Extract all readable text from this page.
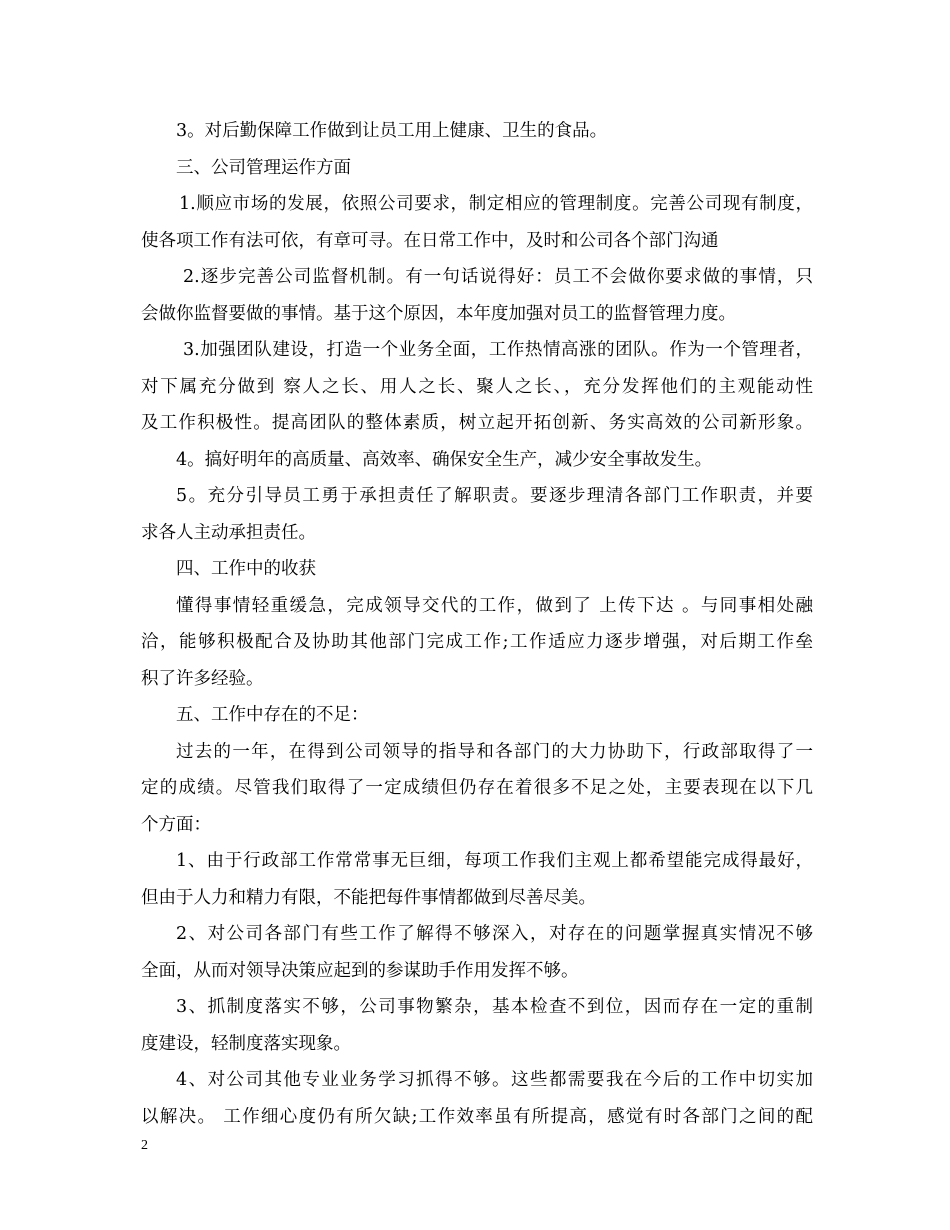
3。对后勤保障工作做到让员工用上健康、卫生的食品。
三、公司管理运作方面
1.顺应市场的发展，依照公司要求，制定相应的管理制度。完善公司现有制度，
使各项工作有法可依，有章可寻。在日常工作中，及时和公司各个部门沟通
2.逐步完善公司监督机制。有一句话说得好：员工不会做你要求做的事情，只
会做你监督要做的事情。基于这个原因，本年度加强对员工的监督管理力度。
3.加强团队建设，打造一个业务全面，工作热情高涨的团队。作为一个管理者，
对下属充分做到 察人之长、用人之长、聚人之长、，充分发挥他们的主观能动性
及工作积极性。提高团队的整体素质，树立起开拓创新、务实高效的公司新形象。
4。搞好明年的高质量、高效率、确保安全生产，减少安全事故发生。
5。充分引导员工勇于承担责任了解职责。要逐步理清各部门工作职责，并要
求各人主动承担责任。
四、工作中的收获
懂得事情轻重缓急，完成领导交代的工作，做到了 上传下达 。与同事相处融
洽，能够积极配合及协助其他部门完成工作;工作适应力逐步增强，对后期工作垒
积了许多经验。
五、工作中存在的不足：
过去的一年，在得到公司领导的指导和各部门的大力协助下，行政部取得了一
定的成绩。尽管我们取得了一定成绩但仍存在着很多不足之处，主要表现在以下几
个方面：
1、由于行政部工作常常事无巨细，每项工作我们主观上都希望能完成得最好，
但由于人力和精力有限，不能把每件事情都做到尽善尽美。
2、对公司各部门有些工作了解得不够深入，对存在的问题掌握真实情况不够
全面，从而对领导决策应起到的参谋助手作用发挥不够。
3、抓制度落实不够，公司事物繁杂，基本检查不到位，因而存在一定的重制
度建设，轻制度落实现象。
4、对公司其他专业业务学习抓得不够。这些都需要我在今后的工作中切实加
以解决。 工作细心度仍有所欠缺;工作效率虽有所提高，感觉有时各部门之间的配
2
